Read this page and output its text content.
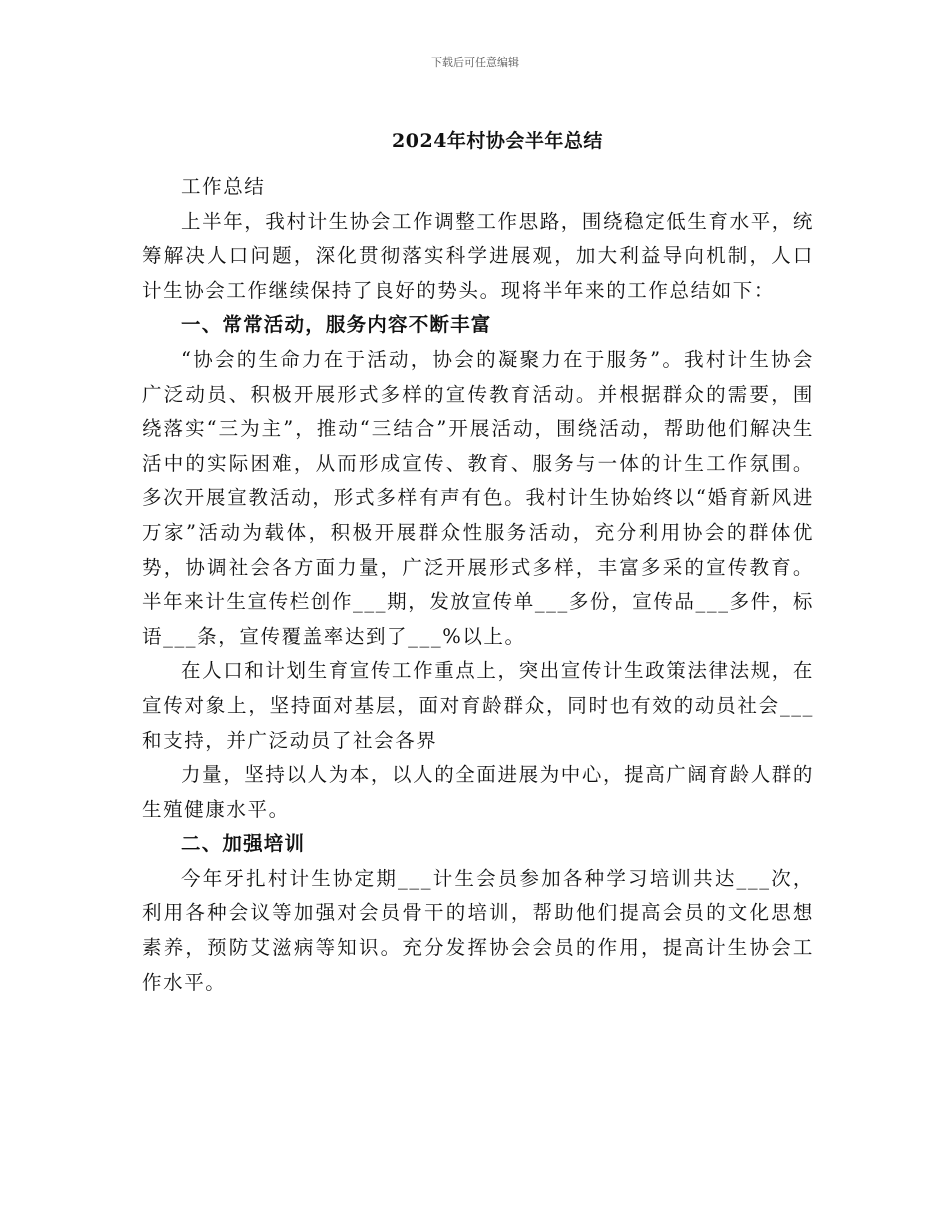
下载后可任意编辑
2024年村协会半年总结

工作总结

上半年，我村计生协会工作调整工作思路，围绕稳定低生育水平，统筹解决人口问题，深化贯彻落实科学进展观，加大利益导向机制，人口计生协会工作继续保持了良好的势头。现将半年来的工作总结如下：

一、常常活动，服务内容不断丰富

“协会的生命力在于活动，协会的凝聚力在于服务”。我村计生协会广泛动员、积极开展形式多样的宣传教育活动。并根据群众的需要，围绕落实“三为主”，推动“三结合”开展活动，围绕活动，帮助他们解决生活中的实际困难，从而形成宣传、教育、服务与一体的计生工作氛围。多次开展宣教活动，形式多样有声有色。我村计生协始终以“婚育新风进万家”活动为载体，积极开展群众性服务活动，充分利用协会的群体优势，协调社会各方面力量，广泛开展形式多样，丰富多采的宣传教育。半年来计生宣传栏创作___期，发放宣传单___多份，宣传品___多件，标语___条，宣传覆盖率达到了___%以上。

在人口和计划生育宣传工作重点上，突出宣传计生政策法律法规，在宣传对象上，坚持面对基层，面对育龄群众，同时也有效的动员社会___和支持，并广泛动员了社会各界

力量，坚持以人为本，以人的全面进展为中心，提高广阔育龄人群的生殖健康水平。

二、加强培训

今年牙扎村计生协定期___计生会员参加各种学习培训共达___次，利用各种会议等加强对会员骨干的培训，帮助他们提高会员的文化思想素养，预防艾滋病等知识。充分发挥协会会员的作用，提高计生协会工作水平。
